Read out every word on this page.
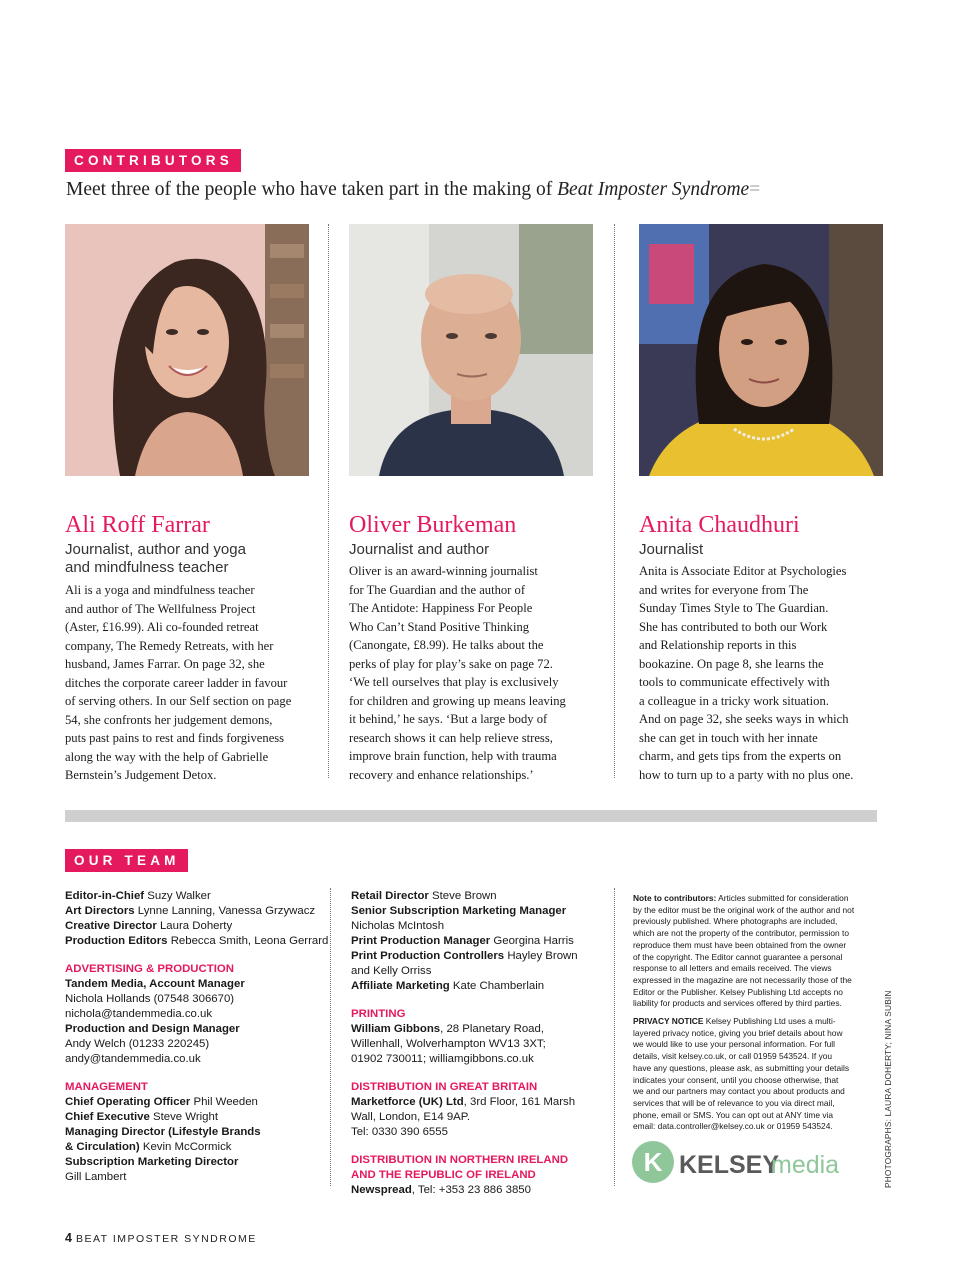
CONTRIBUTORS
Meet three of the people who have taken part in the making of Beat Imposter Syndrome=
Ali Roff Farrar
Journalist, author and yoga
and mindfulness teacher
Ali is a yoga and mindfulness teacher
and author of The Wellfulness Project
(Aster, £16.99). Ali co-founded retreat
company, The Remedy Retreats, with her
husband, James Farrar. On page 32, she
ditches the corporate career ladder in favour
of serving others. In our Self section on page
54, she confronts her judgement demons,
puts past pains to rest and finds forgiveness
along the way with the help of Gabrielle
Bernstein’s Judgement Detox.
Oliver Burkeman
Journalist and author
Oliver is an award-winning journalist
for The Guardian and the author of
The Antidote: Happiness For People
Who Can’t Stand Positive Thinking
(Canongate, £8.99). He talks about the
perks of play for play’s sake on page 72.
‘We tell ourselves that play is exclusively
for children and growing up means leaving
it behind,’ he says. ‘But a large body of
research shows it can help relieve stress,
improve brain function, help with trauma
recovery and enhance relationships.’
Anita Chaudhuri
Journalist
Anita is Associate Editor at Psychologies
and writes for everyone from The
Sunday Times Style to The Guardian.
She has contributed to both our Work
and Relationship reports in this
bookazine. On page 8, she learns the
tools to communicate effectively with
a colleague in a tricky work situation.
And on page 32, she seeks ways in which
she can get in touch with her innate
charm, and gets tips from the experts on
how to turn up to a party with no plus one.
OUR TEAM
Editor-in-Chief Suzy Walker
Art Directors Lynne Lanning, Vanessa Grzywacz
Creative Director Laura Doherty
Production Editors Rebecca Smith, Leona Gerrard
ADVERTISING & PRODUCTION
Tandem Media, Account Manager
Nichola Hollands (07548 306670)
nichola@tandemmedia.co.uk
Production and Design Manager
Andy Welch (01233 220245)
andy@tandemmedia.co.uk
MANAGEMENT
Chief Operating Officer Phil Weeden
Chief Executive Steve Wright
Managing Director (Lifestyle Brands
& Circulation) Kevin McCormick
Subscription Marketing Director
Gill Lambert
Retail Director Steve Brown
Senior Subscription Marketing Manager
Nicholas McIntosh
Print Production Manager Georgina Harris
Print Production Controllers Hayley Brown
and Kelly Orriss
Affiliate Marketing Kate Chamberlain
PRINTING
William Gibbons, 28 Planetary Road,
Willenhall, Wolverhampton WV13 3XT;
01902 730011; williamgibbons.co.uk
DISTRIBUTION IN GREAT BRITAIN
Marketforce (UK) Ltd, 3rd Floor, 161 Marsh
Wall, London, E14 9AP.
Tel: 0330 390 6555
DISTRIBUTION IN NORTHERN IRELAND
AND THE REPUBLIC OF IRELAND
Newspread, Tel: +353 23 886 3850
Note to contributors: Articles submitted for consideration
by the editor must be the original work of the author and not
previously published. Where photographs are included,
which are not the property of the contributor, permission to
reproduce them must have been obtained from the owner
of the copyright. The Editor cannot guarantee a personal
response to all letters and emails received. The views
expressed in the magazine are not necessarily those of the
Editor or the Publisher. Kelsey Publishing Ltd accepts no
liability for products and services offered by third parties.
PRIVACY NOTICE Kelsey Publishing Ltd uses a multi-
layered privacy notice, giving you brief details about how
we would like to use your personal information. For full
details, visit kelsey.co.uk, or call 01959 543524. If you
have any questions, please ask, as submitting your details
indicates your consent, until you choose otherwise, that
we and our partners may contact you about products and
services that will be of relevance to you via direct mail,
phone, email or SMS. You can opt out at ANY time via
email: data.controller@kelsey.co.uk or 01959 543524.
K KELSEY
media	PHOTOGRAPHS: LAURA DOHERTY; NINA SUBIN
4 BEAT IMPOSTER SYNDROME
